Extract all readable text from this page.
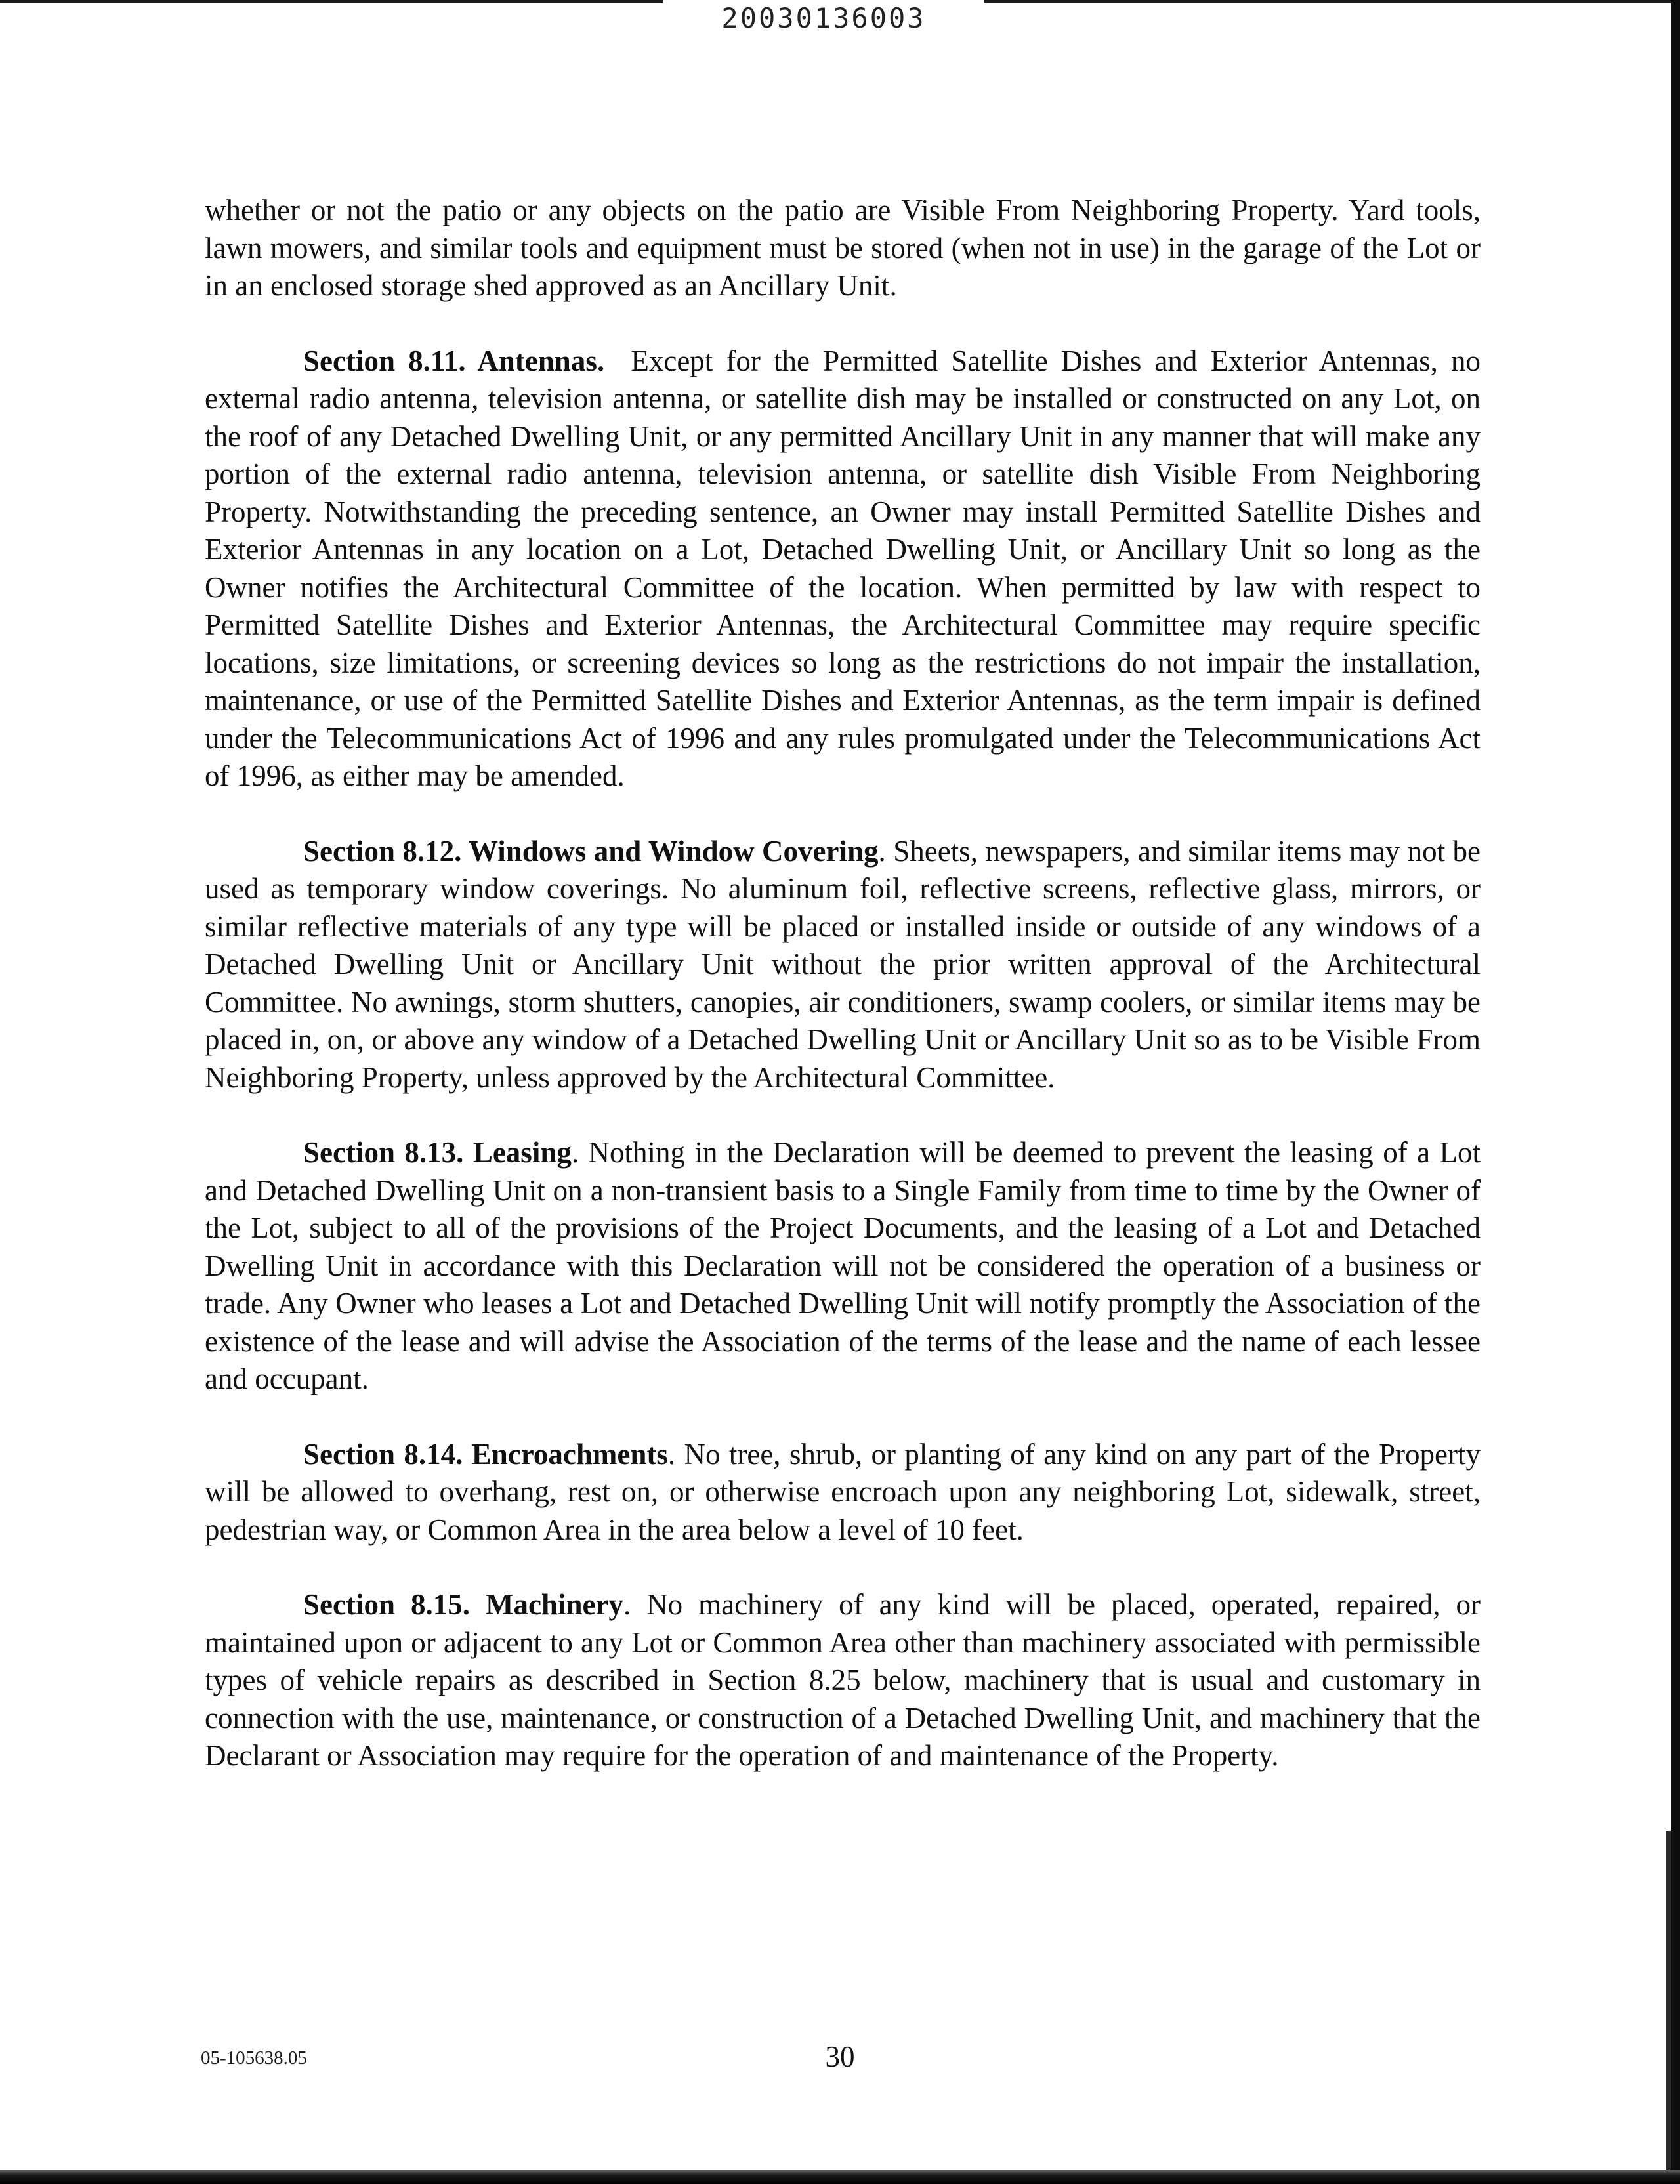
20030136003

whether or not the patio or any objects on the patio are Visible From Neighboring Property. Yard tools, lawn mowers, and similar tools and equipment must be stored (when not in use) in the garage of the Lot or in an enclosed storage shed approved as an Ancillary Unit.

Section 8.11. Antennas. Except for the Permitted Satellite Dishes and Exterior Antennas, no external radio antenna, television antenna, or satellite dish may be installed or constructed on any Lot, on the roof of any Detached Dwelling Unit, or any permitted Ancillary Unit in any manner that will make any portion of the external radio antenna, television antenna, or satellite dish Visible From Neighboring Property. Notwithstanding the preceding sentence, an Owner may install Permitted Satellite Dishes and Exterior Antennas in any location on a Lot, Detached Dwelling Unit, or Ancillary Unit so long as the Owner notifies the Architectural Committee of the location. When permitted by law with respect to Permitted Satellite Dishes and Exterior Antennas, the Architectural Committee may require specific locations, size limitations, or screening devices so long as the restrictions do not impair the installation, maintenance, or use of the Permitted Satellite Dishes and Exterior Antennas, as the term impair is defined under the Telecommunications Act of 1996 and any rules promulgated under the Telecommunications Act of 1996, as either may be amended.

Section 8.12. Windows and Window Covering. Sheets, newspapers, and similar items may not be used as temporary window coverings. No aluminum foil, reflective screens, reflective glass, mirrors, or similar reflective materials of any type will be placed or installed inside or outside of any windows of a Detached Dwelling Unit or Ancillary Unit without the prior written approval of the Architectural Committee. No awnings, storm shutters, canopies, air conditioners, swamp coolers, or similar items may be placed in, on, or above any window of a Detached Dwelling Unit or Ancillary Unit so as to be Visible From Neighboring Property, unless approved by the Architectural Committee.

Section 8.13. Leasing. Nothing in the Declaration will be deemed to prevent the leasing of a Lot and Detached Dwelling Unit on a non-transient basis to a Single Family from time to time by the Owner of the Lot, subject to all of the provisions of the Project Documents, and the leasing of a Lot and Detached Dwelling Unit in accordance with this Declaration will not be considered the operation of a business or trade. Any Owner who leases a Lot and Detached Dwelling Unit will notify promptly the Association of the existence of the lease and will advise the Association of the terms of the lease and the name of each lessee and occupant.

Section 8.14. Encroachments. No tree, shrub, or planting of any kind on any part of the Property will be allowed to overhang, rest on, or otherwise encroach upon any neighboring Lot, sidewalk, street, pedestrian way, or Common Area in the area below a level of 10 feet.

Section 8.15. Machinery. No machinery of any kind will be placed, operated, repaired, or maintained upon or adjacent to any Lot or Common Area other than machinery associated with permissible types of vehicle repairs as described in Section 8.25 below, machinery that is usual and customary in connection with the use, maintenance, or construction of a Detached Dwelling Unit, and machinery that the Declarant or Association may require for the operation of and maintenance of the Property.

05-105638.05	30
